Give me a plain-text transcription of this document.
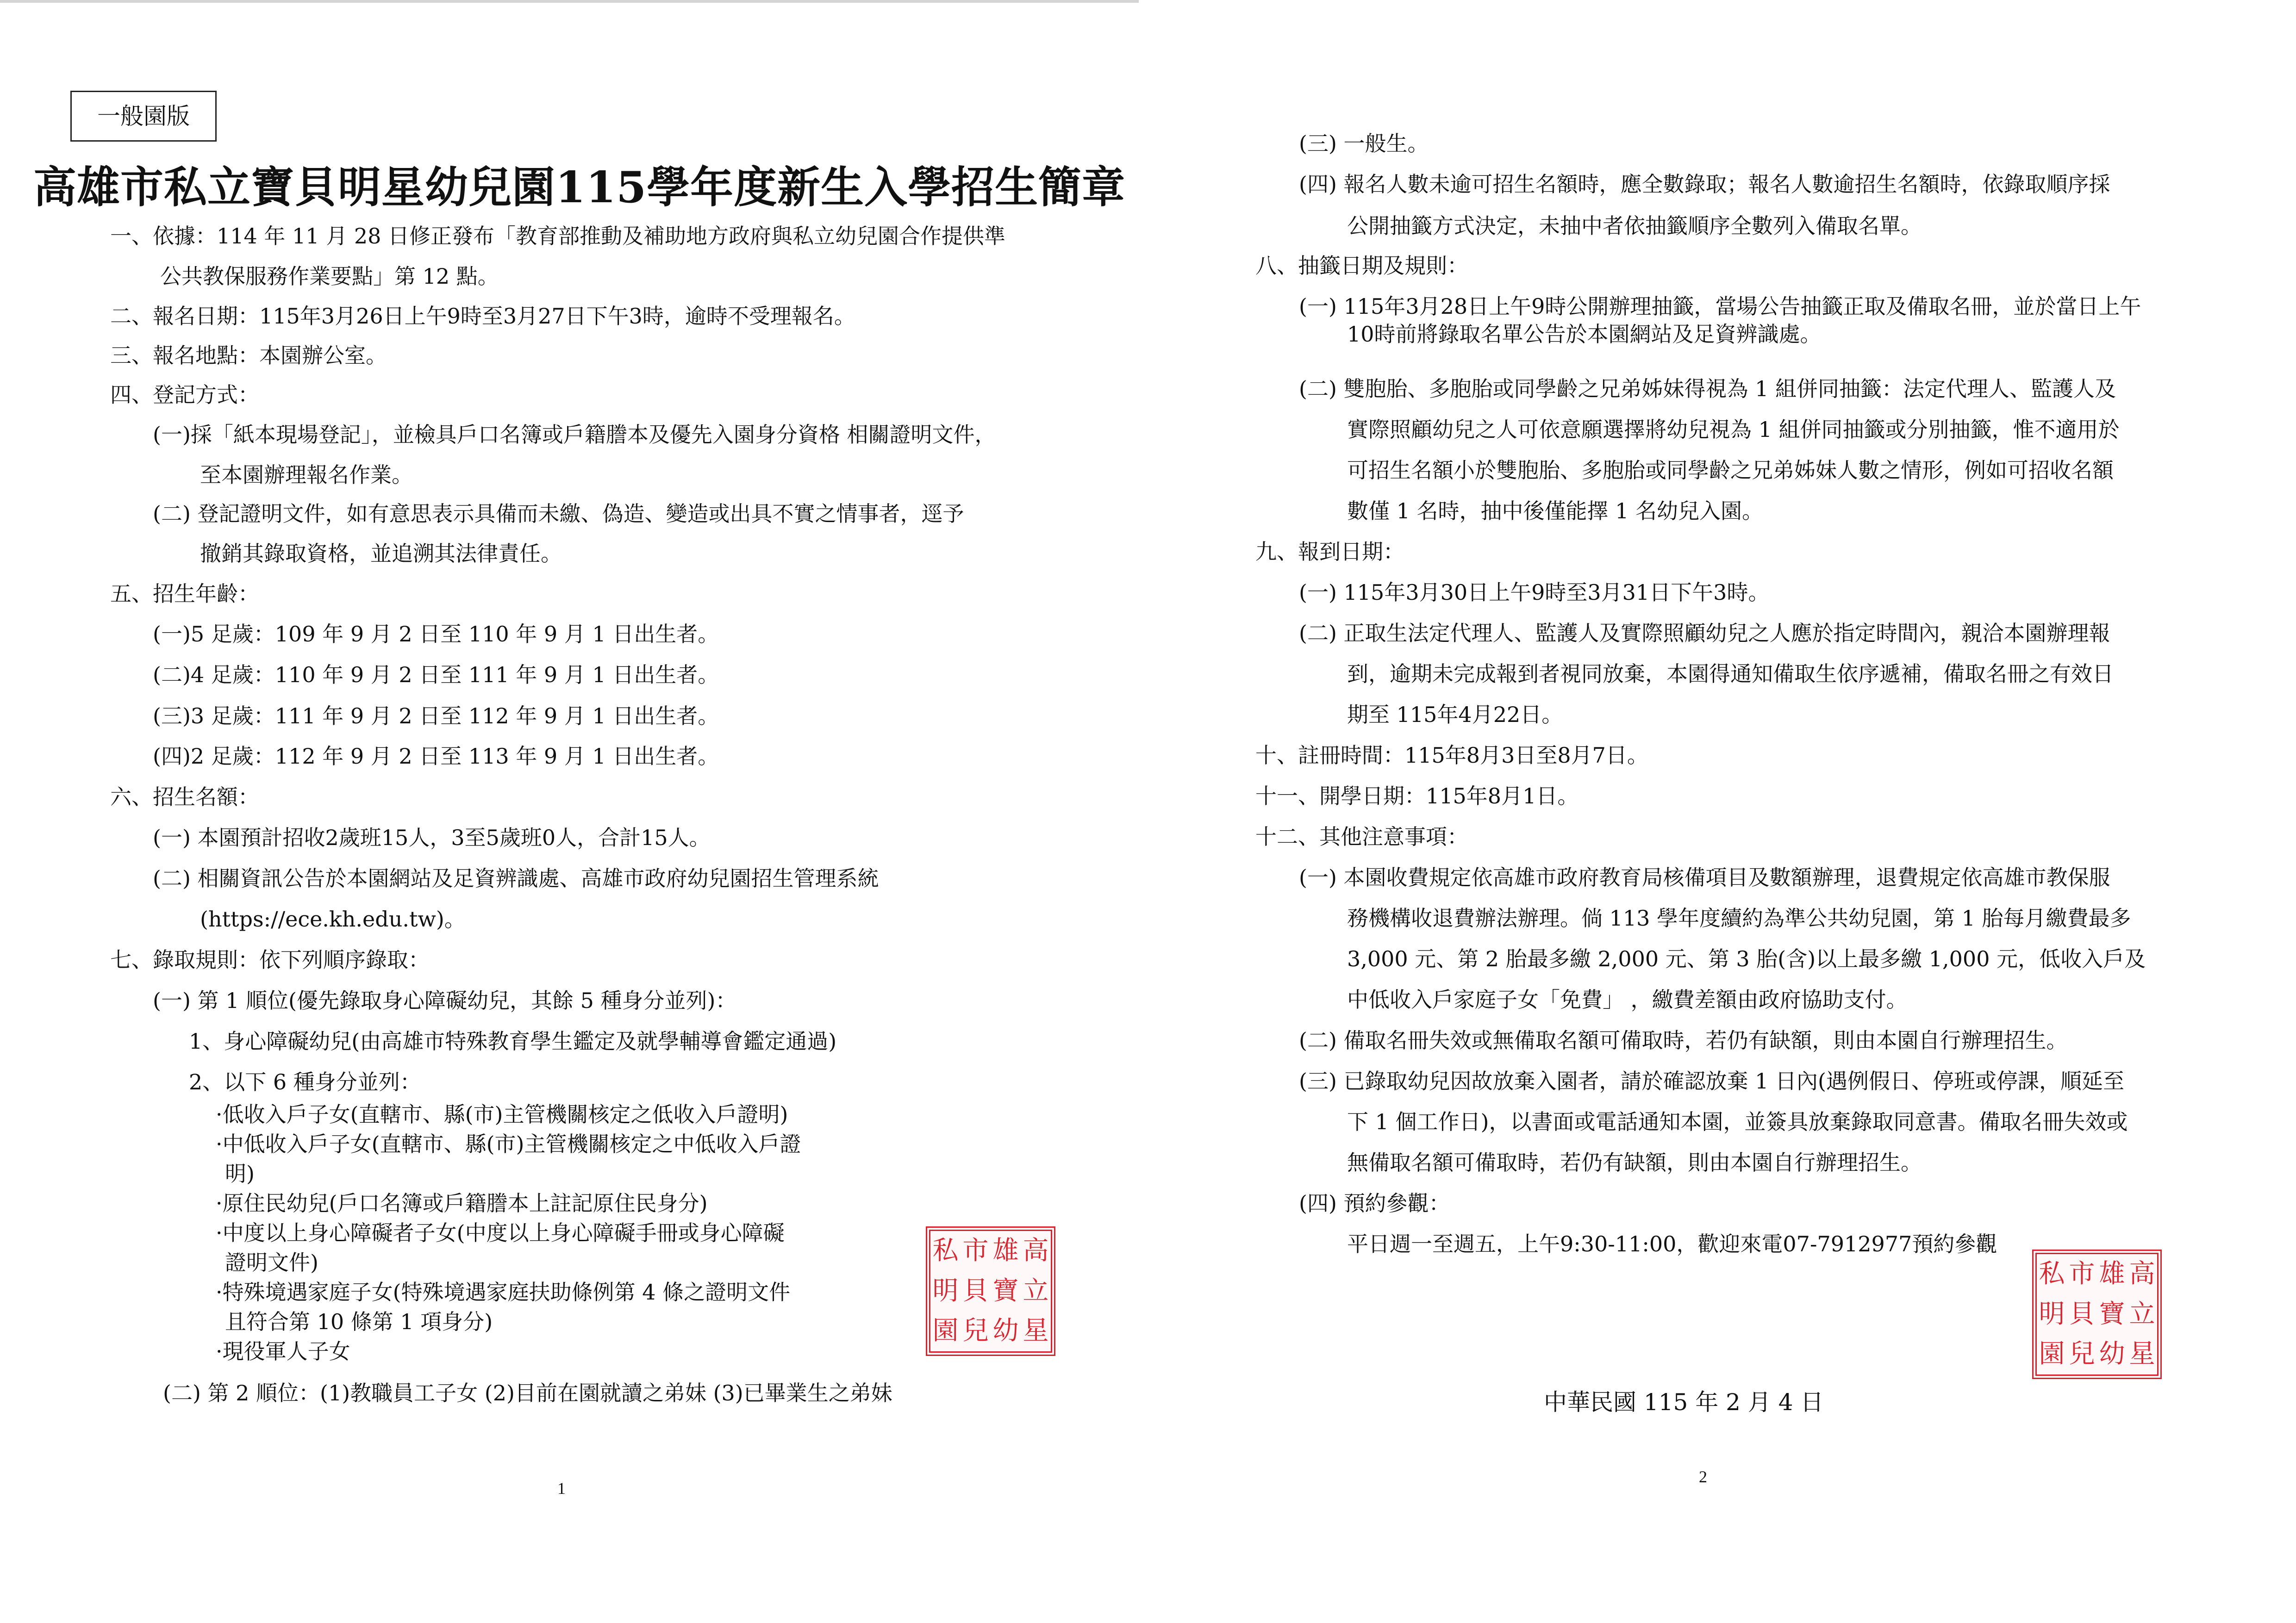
一般園版
高雄市私立寶貝明星幼兒園115學年度新生入學招生簡章
一、依據：114 年 11 月 28 日修正發布「教育部推動及補助地方政府與私立幼兒園合作提供準
公共教保服務作業要點」第 12 點。
二、報名日期：115年3月26日上午9時至3月27日下午3時，逾時不受理報名。
三、報名地點：本園辦公室。
四、登記方式：
(一)採「紙本現場登記」，並檢具戶口名簿或戶籍謄本及優先入園身分資格 相關證明文件，
至本園辦理報名作業。
(二) 登記證明文件，如有意思表示具備而未繳、偽造、變造或出具不實之情事者，逕予
撤銷其錄取資格，並追溯其法律責任。
五、招生年齡：
(一)5 足歲：109 年 9 月 2 日至 110 年 9 月 1 日出生者。
(二)4 足歲：110 年 9 月 2 日至 111 年 9 月 1 日出生者。
(三)3 足歲：111 年 9 月 2 日至 112 年 9 月 1 日出生者。
(四)2 足歲：112 年 9 月 2 日至 113 年 9 月 1 日出生者。
六、招生名額：
(一) 本園預計招收2歲班15人，3至5歲班0人，合計15人。
(二) 相關資訊公告於本園網站及足資辨識處、高雄市政府幼兒園招生管理系統
(https://ece.kh.edu.tw)。
七、錄取規則：依下列順序錄取：
(一) 第 1 順位(優先錄取身心障礙幼兒，其餘 5 種身分並列)：
1、身心障礙幼兒(由高雄市特殊教育學生鑑定及就學輔導會鑑定通過)
2、以下 6 種身分並列：
·低收入戶子女(直轄市、縣(市)主管機關核定之低收入戶證明)
·中低收入戶子女(直轄市、縣(市)主管機關核定之中低收入戶證
明)
·原住民幼兒(戶口名簿或戶籍謄本上註記原住民身分)
·中度以上身心障礙者子女(中度以上身心障礙手冊或身心障礙
證明文件)
·特殊境遇家庭子女(特殊境遇家庭扶助條例第 4 條之證明文件
且符合第 10 條第 1 項身分)
·現役軍人子女
(二) 第 2 順位：(1)教職員工子女 (2)目前在園就讀之弟妹 (3)已畢業生之弟妹
私 市 雄 高
明 貝 寶 立
園 兒 幼 星
1
(三) 一般生。
(四) 報名人數未逾可招生名額時，應全數錄取；報名人數逾招生名額時，依錄取順序採
公開抽籤方式決定，未抽中者依抽籤順序全數列入備取名單。
八、抽籤日期及規則：
(一) 115年3月28日上午9時公開辦理抽籤，當場公告抽籤正取及備取名冊，並於當日上午
10時前將錄取名單公告於本園網站及足資辨識處。
(二) 雙胞胎、多胞胎或同學齡之兄弟姊妹得視為 1 組併同抽籤：法定代理人、監護人及
實際照顧幼兒之人可依意願選擇將幼兒視為 1 組併同抽籤或分別抽籤，惟不適用於
可招生名額小於雙胞胎、多胞胎或同學齡之兄弟姊妹人數之情形，例如可招收名額
數僅 1 名時，抽中後僅能擇 1 名幼兒入園。
九、報到日期：
(一) 115年3月30日上午9時至3月31日下午3時。
(二) 正取生法定代理人、監護人及實際照顧幼兒之人應於指定時間內，親洽本園辦理報
到，逾期未完成報到者視同放棄，本園得通知備取生依序遞補，備取名冊之有效日
期至 115年4月22日。
十、註冊時間：115年8月3日至8月7日。
十一、開學日期：115年8月1日。
十二、其他注意事項：
(一) 本園收費規定依高雄市政府教育局核備項目及數額辦理，退費規定依高雄市教保服
務機構收退費辦法辦理。倘 113 學年度續約為準公共幼兒園，第 1 胎每月繳費最多
3,000 元、第 2 胎最多繳 2,000 元、第 3 胎(含)以上最多繳 1,000 元，低收入戶及
中低收入戶家庭子女「免費」 ，繳費差額由政府協助支付。
(二) 備取名冊失效或無備取名額可備取時，若仍有缺額，則由本園自行辦理招生。
(三) 已錄取幼兒因故放棄入園者，請於確認放棄 1 日內(遇例假日、停班或停課，順延至
下 1 個工作日)，以書面或電話通知本園，並簽具放棄錄取同意書。備取名冊失效或
無備取名額可備取時，若仍有缺額，則由本園自行辦理招生。
(四) 預約參觀：
平日週一至週五，上午9:30-11:00，歡迎來電07-7912977預約參觀
私 市 雄 高
明 貝 寶 立
園 兒 幼 星
中華民國 115 年 2 月 4 日
2
